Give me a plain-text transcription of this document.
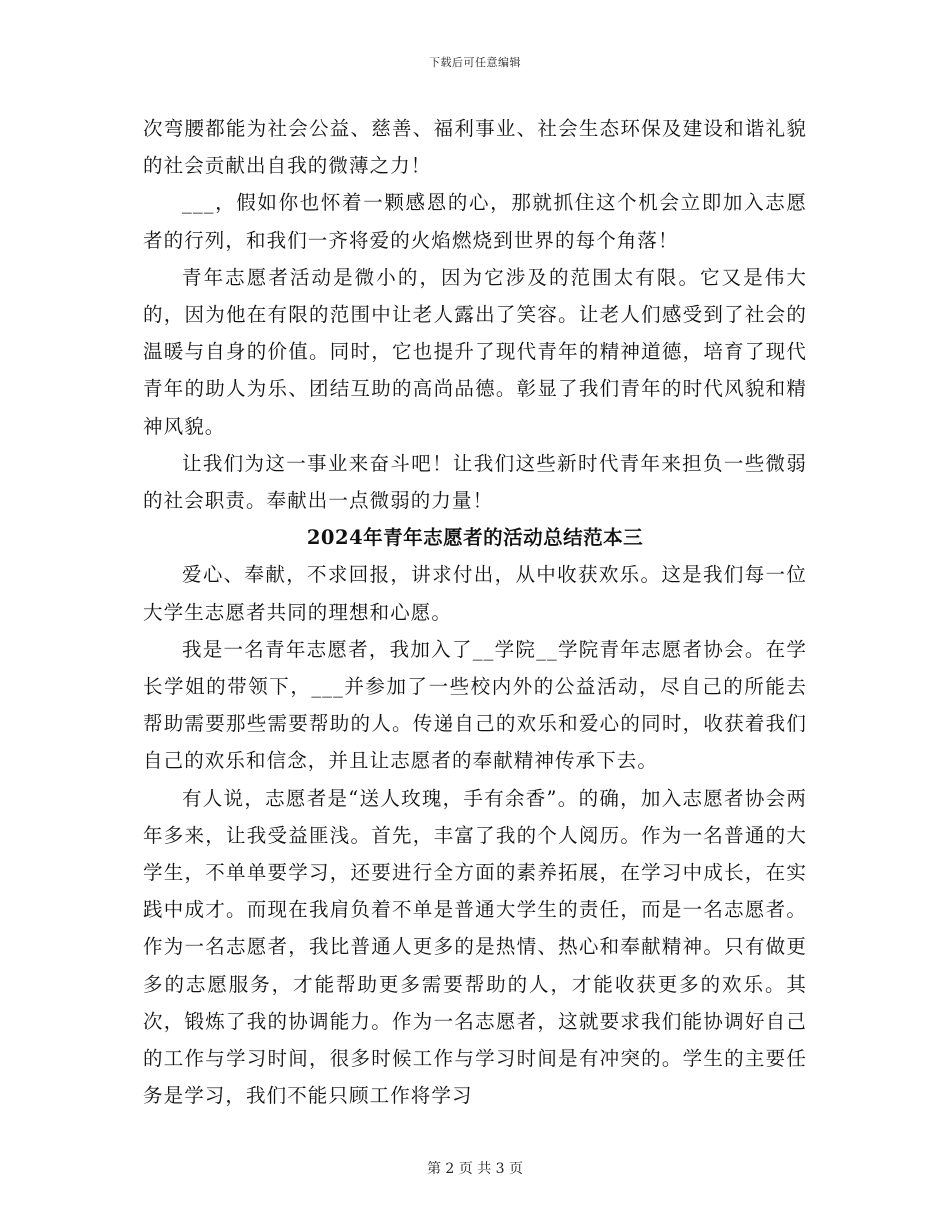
下载后可任意编辑

次弯腰都能为社会公益、慈善、福利事业、社会生态环保及建设和谐礼貌的社会贡献出自我的微薄之力！

___，假如你也怀着一颗感恩的心，那就抓住这个机会立即加入志愿者的行列，和我们一齐将爱的火焰燃烧到世界的每个角落！

青年志愿者活动是微小的，因为它涉及的范围太有限。它又是伟大的，因为他在有限的范围中让老人露出了笑容。让老人们感受到了社会的温暖与自身的价值。同时，它也提升了现代青年的精神道德，培育了现代青年的助人为乐、团结互助的高尚品德。彰显了我们青年的时代风貌和精神风貌。

让我们为这一事业来奋斗吧！让我们这些新时代青年来担负一些微弱的社会职责。奉献出一点微弱的力量！

2024年青年志愿者的活动总结范本三

爱心、奉献，不求回报，讲求付出，从中收获欢乐。这是我们每一位大学生志愿者共同的理想和心愿。

我是一名青年志愿者，我加入了__学院__学院青年志愿者协会。在学长学姐的带领下，___并参加了一些校内外的公益活动，尽自己的所能去帮助需要那些需要帮助的人。传递自己的欢乐和爱心的同时，收获着我们自己的欢乐和信念，并且让志愿者的奉献精神传承下去。

有人说，志愿者是“送人玫瑰，手有余香”。的确，加入志愿者协会两年多来，让我受益匪浅。首先，丰富了我的个人阅历。作为一名普通的大学生，不单单要学习，还要进行全方面的素养拓展，在学习中成长，在实践中成才。而现在我肩负着不单是普通大学生的责任，而是一名志愿者。作为一名志愿者，我比普通人更多的是热情、热心和奉献精神。只有做更多的志愿服务，才能帮助更多需要帮助的人，才能收获更多的欢乐。其次，锻炼了我的协调能力。作为一名志愿者，这就要求我们能协调好自己的工作与学习时间，很多时候工作与学习时间是有冲突的。学生的主要任务是学习，我们不能只顾工作将学习

第 2 页 共 3 页
